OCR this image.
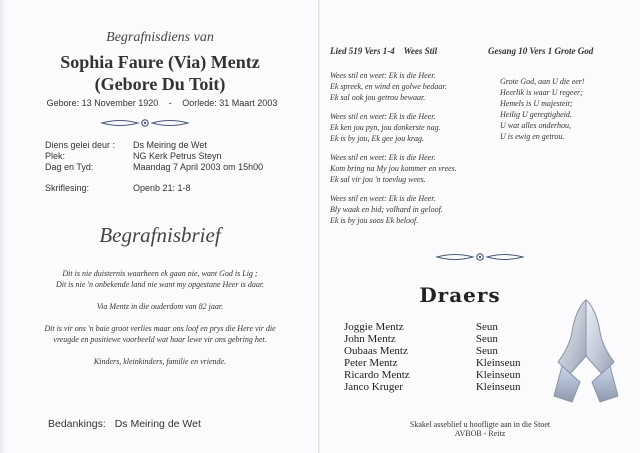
Begrafnisdiens van
Sophia Faure (Via) Mentz
(Gebore Du Toit)
Gebore: 13 November 1920 - Oorlede: 31 Maart 2003
Diens gelei deur :	Ds Meiring de Wet
Plek:	NG Kerk Petrus Steyn
Dag en Tyd:	Maandag 7 April 2003 om 15h00
Skriflesing:	Openb 21: 1-8
Begrafnisbrief

Dit is nie duisternis waarheen ek gaan nie, want God is Lig ;
Dit is nie 'n onbekende land nie want my opgestane Heer is daar.

Via Mentz in die ouderdom van 82 jaar.

Dit is vir ons 'n baie groot verlies maar ons loof en prys die Here vir die
vreugde en positiewe voorbeeld wat haar lewe vir ons gebring het.

Kinders, kleinkinders, familie en vriende.

Bedankings: Ds Meiring de Wet
Lied 519 Vers 1-4    Wees Stil	Gesang 10 Vers 1 Grote God
Wees stil en weet: Ek is die Heer.
Ek spreek, en wind en golwe bedaar.
Ek sal ook jou getrou bewaar.
Wees stil en weet: Ek is die Heer.
Ek ken jou pyn, jou donkerste nag.
Ek is by jou, Ek gee jou krag.
Wees stil en weet: Ek is die Heer.
Kom bring na My jou kommer en vrees.
Ek sal vir jou 'n toevlug wees.
Wees stil en weet: Ek is die Heer.
Bly waak en bid; volhard in geloof.
Ek is by jou soos Ek beloof.
Grote God, aan U die eer!
Heerlik is waar U regeer;
Hemels is U majesteit;
Heilig U geregtigheid.
U wat alles onderhou,
U is ewig en getrou.
Draers
Joggie Mentz	Seun
John Mentz	Seun
Oubaas Mentz	Seun
Peter Mentz	Kleinseun
Ricardo Mentz	Kleinseun
Janco Kruger	Kleinseun
Skakel asseblief u hoofligte aan in die Stoet
AVBOB - Reitz
